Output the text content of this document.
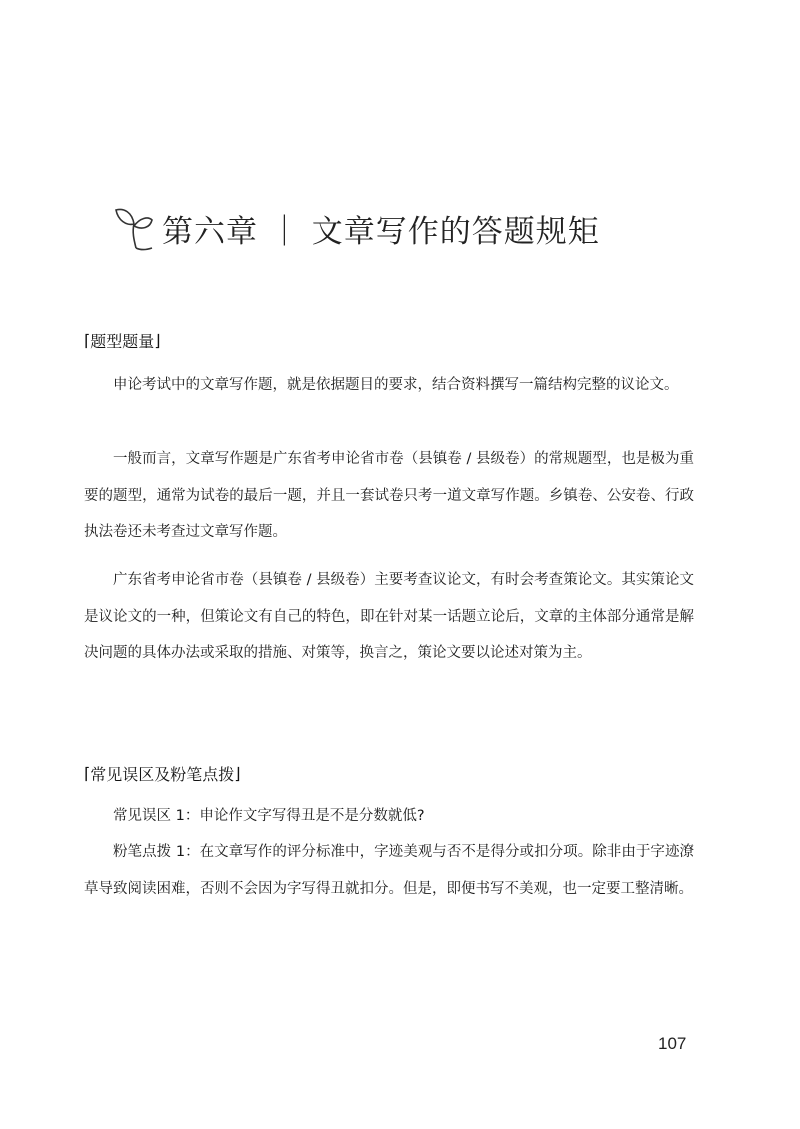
第六章 ｜ 文章写作的答题规矩
⌈ 题型题量 ⌋

申论考试中的文章写作题，就是依据题目的要求，结合资料撰写一篇结构完整的议论文。

一般而言，文章写作题是广东省考申论省市卷（县镇卷 / 县级卷）的常规题型，也是极为重要的题型，通常为试卷的最后一题，并且一套试卷只考一道文章写作题。乡镇卷、公安卷、行政执法卷还未考查过文章写作题。

广东省考申论省市卷（县镇卷 / 县级卷）主要考查议论文，有时会考查策论文。其实策论文是议论文的一种，但策论文有自己的特色，即在针对某一话题立论后，文章的主体部分通常是解决问题的具体办法或采取的措施、对策等，换言之，策论文要以论述对策为主。

⌈ 常见误区及粉笔点拨 ⌋

常见误区 1：申论作文字写得丑是不是分数就低?

粉笔点拨 1：在文章写作的评分标准中，字迹美观与否不是得分或扣分项。除非由于字迹潦草导致阅读困难，否则不会因为字写得丑就扣分。但是，即便书写不美观，也一定要工整清晰。

107
